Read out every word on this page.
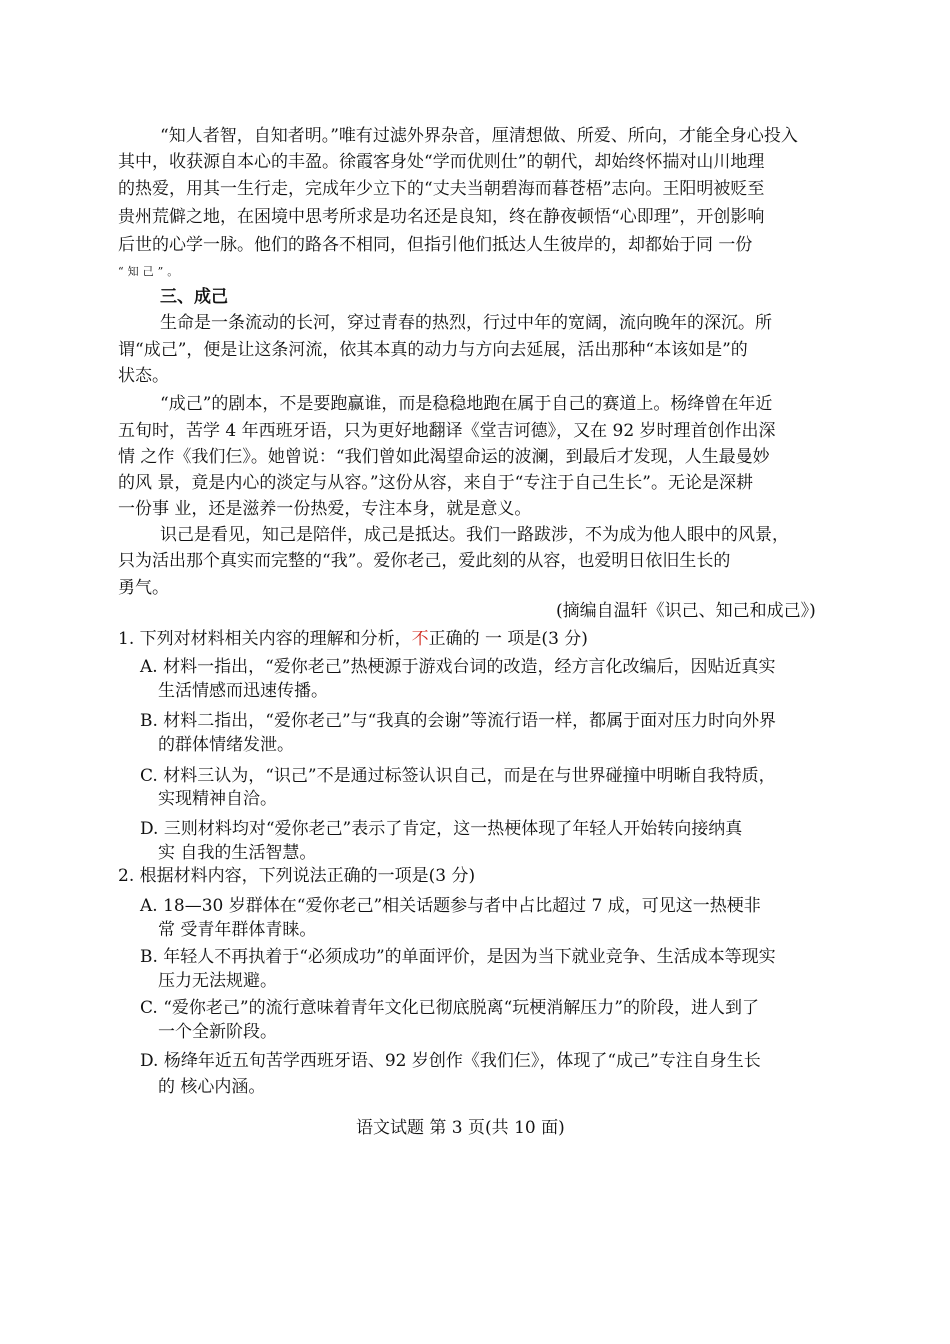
“知人者智，自知者明。”唯有过滤外界杂音，厘清想做、所爱、所向，才能全身心投入
其中，收获源自本心的丰盈。徐霞客身处“学而优则仕”的朝代，却始终怀揣对山川地理
的热爱，用其一生行走，完成年少立下的“丈夫当朝碧海而暮苍梧”志向。王阳明被贬至
贵州荒僻之地，在困境中思考所求是功名还是良知，终在静夜顿悟“心即理”，开创影响
后世的心学一脉。他们的路各不相同，但指引他们抵达人生彼岸的，却都始于同 一份
“知己”。
三、成己
生命是一条流动的长河，穿过青春的热烈，行过中年的宽阔，流向晚年的深沉。所
谓“成己”，便是让这条河流，依其本真的动力与方向去延展，活出那种“本该如是”的
状态。
“成己”的剧本，不是要跑赢谁，而是稳稳地跑在属于自己的赛道上。杨绛曾在年近
五旬时，苦学 4 年西班牙语，只为更好地翻译《堂吉诃德》，又在 92 岁时理首创作出深
情 之作《我们仨》。她曾说：“我们曾如此渴望命运的波澜，到最后才发现，人生最曼妙
的风 景，竟是内心的淡定与从容。”这份从容，来自于“专注于自己生长”。无论是深耕
一份事 业，还是滋养一份热爱，专注本身，就是意义。
识己是看见，知己是陪伴，成己是抵达。我们一路跋涉，不为成为他人眼中的风景，
只为活出那个真实而完整的“我”。爱你老己，爱此刻的从容，也爱明日依旧生长的
勇气。
(摘编自温轩《识己、知己和成己》)
1. 下列对材料相关内容的理解和分析，不正确的 一 项是(3 分)
A. 材料一指出，“爱你老己”热梗源于游戏台词的改造，经方言化改编后，因贴近真实
生活情感而迅速传播。
B. 材料二指出，“爱你老己”与“我真的会谢”等流行语一样，都属于面对压力时向外界
的群体情绪发泄。
C. 材料三认为，“识己”不是通过标签认识自己，而是在与世界碰撞中明晰自我特质，
实现精神自洽。
D. 三则材料均对“爱你老己”表示了肯定，这一热梗体现了年轻人开始转向接纳真
实 自我的生活智慧。
2. 根据材料内容，下列说法正确的一项是(3 分)
A. 18—30 岁群体在“爱你老己”相关话题参与者中占比超过 7 成，可见这一热梗非
常 受青年群体青睐。
B. 年轻人不再执着于“必须成功”的单面评价，是因为当下就业竞争、生活成本等现实
压力无法规避。
C. “爱你老己”的流行意味着青年文化已彻底脱离“玩梗消解压力”的阶段，进人到了
一个全新阶段。
D. 杨绛年近五旬苦学西班牙语、92 岁创作《我们仨》，体现了“成己”专注自身生长
的 核心内涵。
语文试题 第 3 页(共 10 面)
